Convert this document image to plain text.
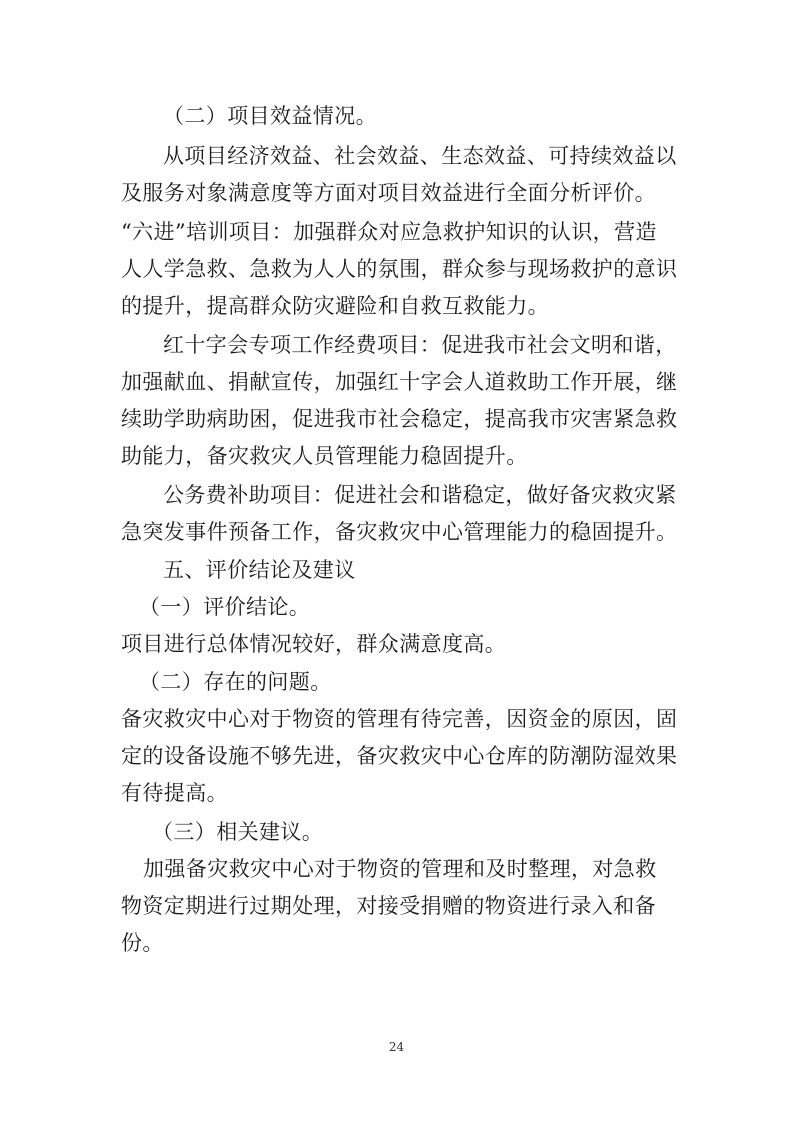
（二）项目效益情况。
从项目经济效益、社会效益、生态效益、可持续效益以
及服务对象满意度等方面对项目效益进行全面分析评价。
“六进”培训项目：加强群众对应急救护知识的认识，营造
人人学急救、急救为人人的氛围，群众参与现场救护的意识
的提升，提高群众防灾避险和自救互救能力。
红十字会专项工作经费项目：促进我市社会文明和谐，
加强献血、捐献宣传，加强红十字会人道救助工作开展，继
续助学助病助困，促进我市社会稳定，提高我市灾害紧急救
助能力，备灾救灾人员管理能力稳固提升。
公务费补助项目：促进社会和谐稳定，做好备灾救灾紧
急突发事件预备工作，备灾救灾中心管理能力的稳固提升。
五、评价结论及建议
（一）评价结论。
项目进行总体情况较好，群众满意度高。
（二）存在的问题。
备灾救灾中心对于物资的管理有待完善，因资金的原因，固
定的设备设施不够先进，备灾救灾中心仓库的防潮防湿效果
有待提高。
（三）相关建议。
加强备灾救灾中心对于物资的管理和及时整理，对急救
物资定期进行过期处理，对接受捐赠的物资进行录入和备
份。
24
